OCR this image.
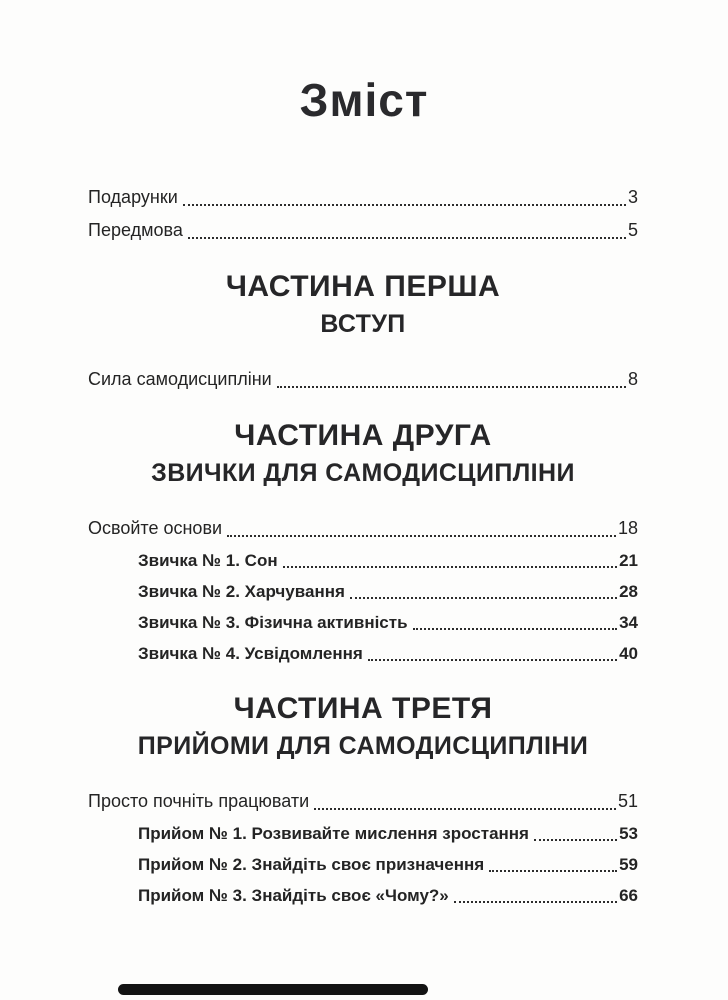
Зміст
Подарунки	3
Передмова	5
ЧАСТИНА ПЕРША
ВСТУП
Сила самодисципліни	8
ЧАСТИНА ДРУГА
ЗВИЧКИ ДЛЯ САМОДИСЦИПЛІНИ
Освойте основи	18
Звичка № 1. Сон	21
Звичка № 2. Харчування	28
Звичка № 3. Фізична активність	34
Звичка № 4. Усвідомлення	40
ЧАСТИНА ТРЕТЯ
ПРИЙОМИ ДЛЯ САМОДИСЦИПЛІНИ
Просто почніть працювати	51
Прийом № 1. Розвивайте мислення зростання	53
Прийом № 2. Знайдіть своє призначення	59
Прийом № 3. Знайдіть своє «Чому?»	66
